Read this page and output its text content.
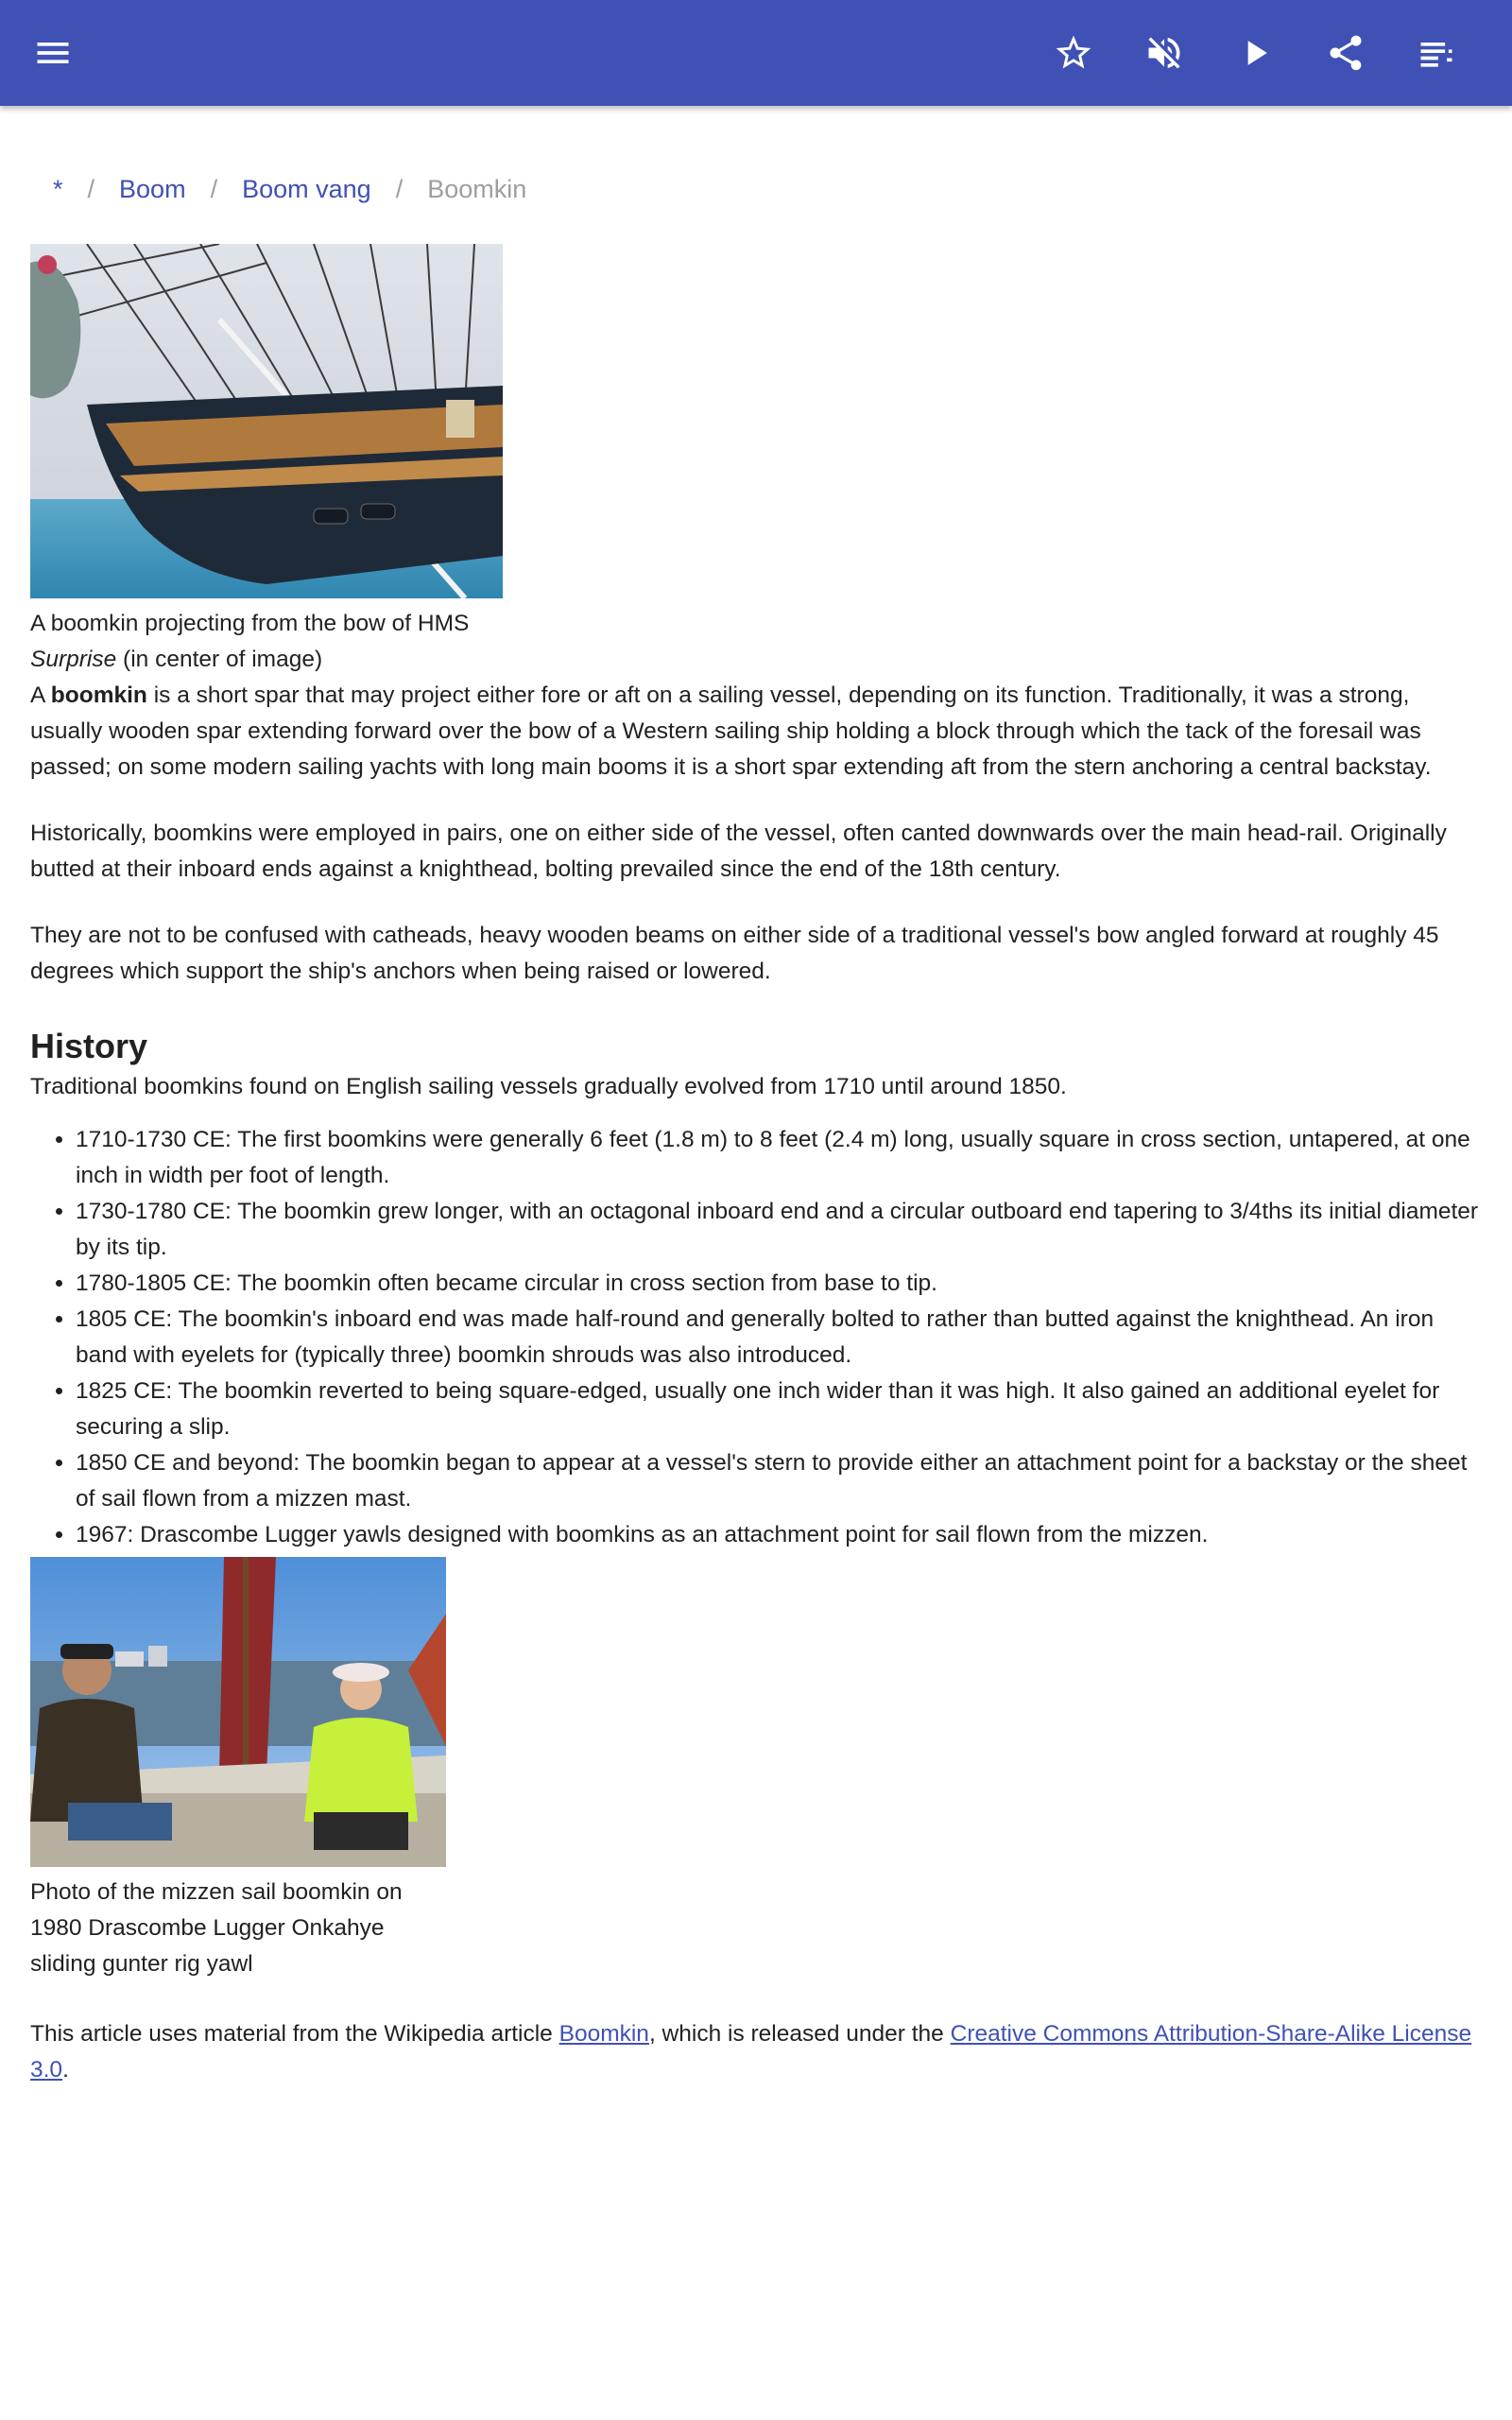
* / Boom / Boom vang / Boomkin
A boomkin projecting from the bow of HMS Surprise (in center of image)

A boomkin is a short spar that may project either fore or aft on a sailing vessel, depending on its function. Traditionally, it was a strong, usually wooden spar extending forward over the bow of a Western sailing ship holding a block through which the tack of the foresail was passed; on some modern sailing yachts with long main booms it is a short spar extending aft from the stern anchoring a central backstay.

Historically, boomkins were employed in pairs, one on either side of the vessel, often canted downwards over the main head-rail. Originally butted at their inboard ends against a knighthead, bolting prevailed since the end of the 18th century.

They are not to be confused with catheads, heavy wooden beams on either side of a traditional vessel's bow angled forward at roughly 45 degrees which support the ship's anchors when being raised or lowered.

History

Traditional boomkins found on English sailing vessels gradually evolved from 1710 until around 1850.

• 1710-1730 CE: The first boomkins were generally 6 feet (1.8 m) to 8 feet (2.4 m) long, usually square in cross section, untapered, at one inch in width per foot of length.
• 1730-1780 CE: The boomkin grew longer, with an octagonal inboard end and a circular outboard end tapering to 3/4ths its initial diameter by its tip.
• 1780-1805 CE: The boomkin often became circular in cross section from base to tip.
• 1805 CE: The boomkin's inboard end was made half-round and generally bolted to rather than butted against the knighthead. An iron band with eyelets for (typically three) boomkin shrouds was also introduced.
• 1825 CE: The boomkin reverted to being square-edged, usually one inch wider than it was high. It also gained an additional eyelet for securing a slip.
• 1850 CE and beyond: The boomkin began to appear at a vessel's stern to provide either an attachment point for a backstay or the sheet of sail flown from a mizzen mast.
• 1967: Drascombe Lugger yawls designed with boomkins as an attachment point for sail flown from the mizzen.
Photo of the mizzen sail boomkin on 1980 Drascombe Lugger Onkahye sliding gunter rig yawl

This article uses material from the Wikipedia article Boomkin, which is released under the Creative Commons Attribution-Share-Alike License 3.0.
